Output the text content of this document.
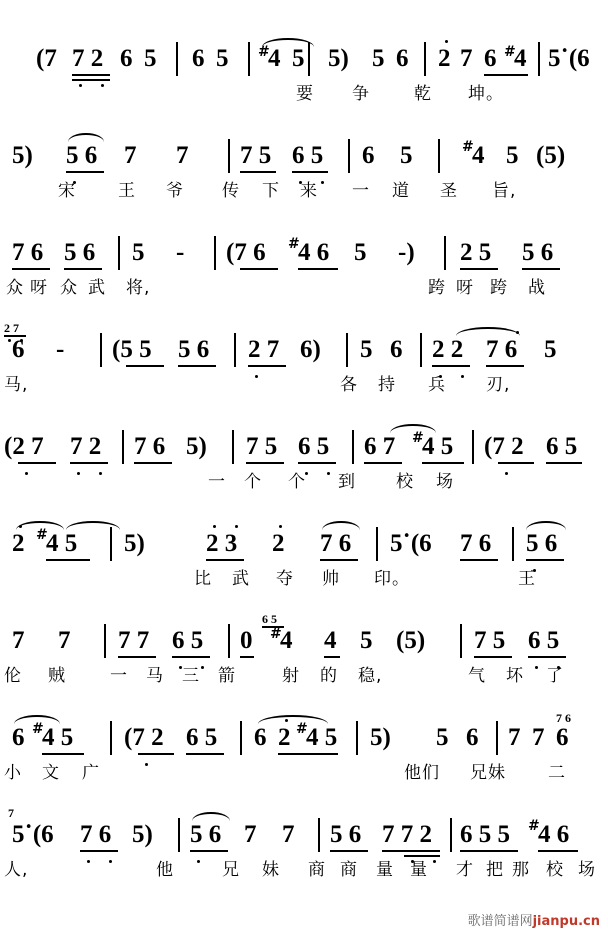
(7 7 2 6 5 6 5 #
4 5 5) 5 6 2 7 6 #
4 5˙(6

要 争	乾 坤。
5) 5 6 7 7 7 5 6 5 6 5	#
4 5 (5)
宋 王 爷 传 下 来 一 道 圣 旨,
7 6 5 6 5 - (7 6 #
4 6 5 -) 2 5 5 6
众 呀 众 武 将,	跨 呀 跨 战
2 7
6 - (5 5 5 6 2 7 6) 5 6 2 2 7 6 5
马,	各 持 兵 刃,
(2 7 7 2 7 6 5) 7 5 6 5 6 7 #
4 5 (7 2 6 5
一 个 个 到 校 场
2 #
4 5 5) 2 3 2 7 6 5˙(6 7 6 5 6
比 武 夺 帅 印。	王
7 7 7 7 6 5 0
6 5
#
4 4 5 (5) 7 5 6 5
伦 贼	一 马 三 箭	射 的 稳,	气 坏 了
6 #
4 5 (7 2 6 5 6 2 #
4 5 5) 5 6 7 7
7 6
6
小 文 广	他们 兄妹 二
7
5˙(6 7 6 5) 5 6 7 7 5 6 7 7 2 6 5 5 #
4 6
人,	他	兄 妹 商 商 量 量 才 把 那 校 场
歌谱简谱网jianpu.cn
